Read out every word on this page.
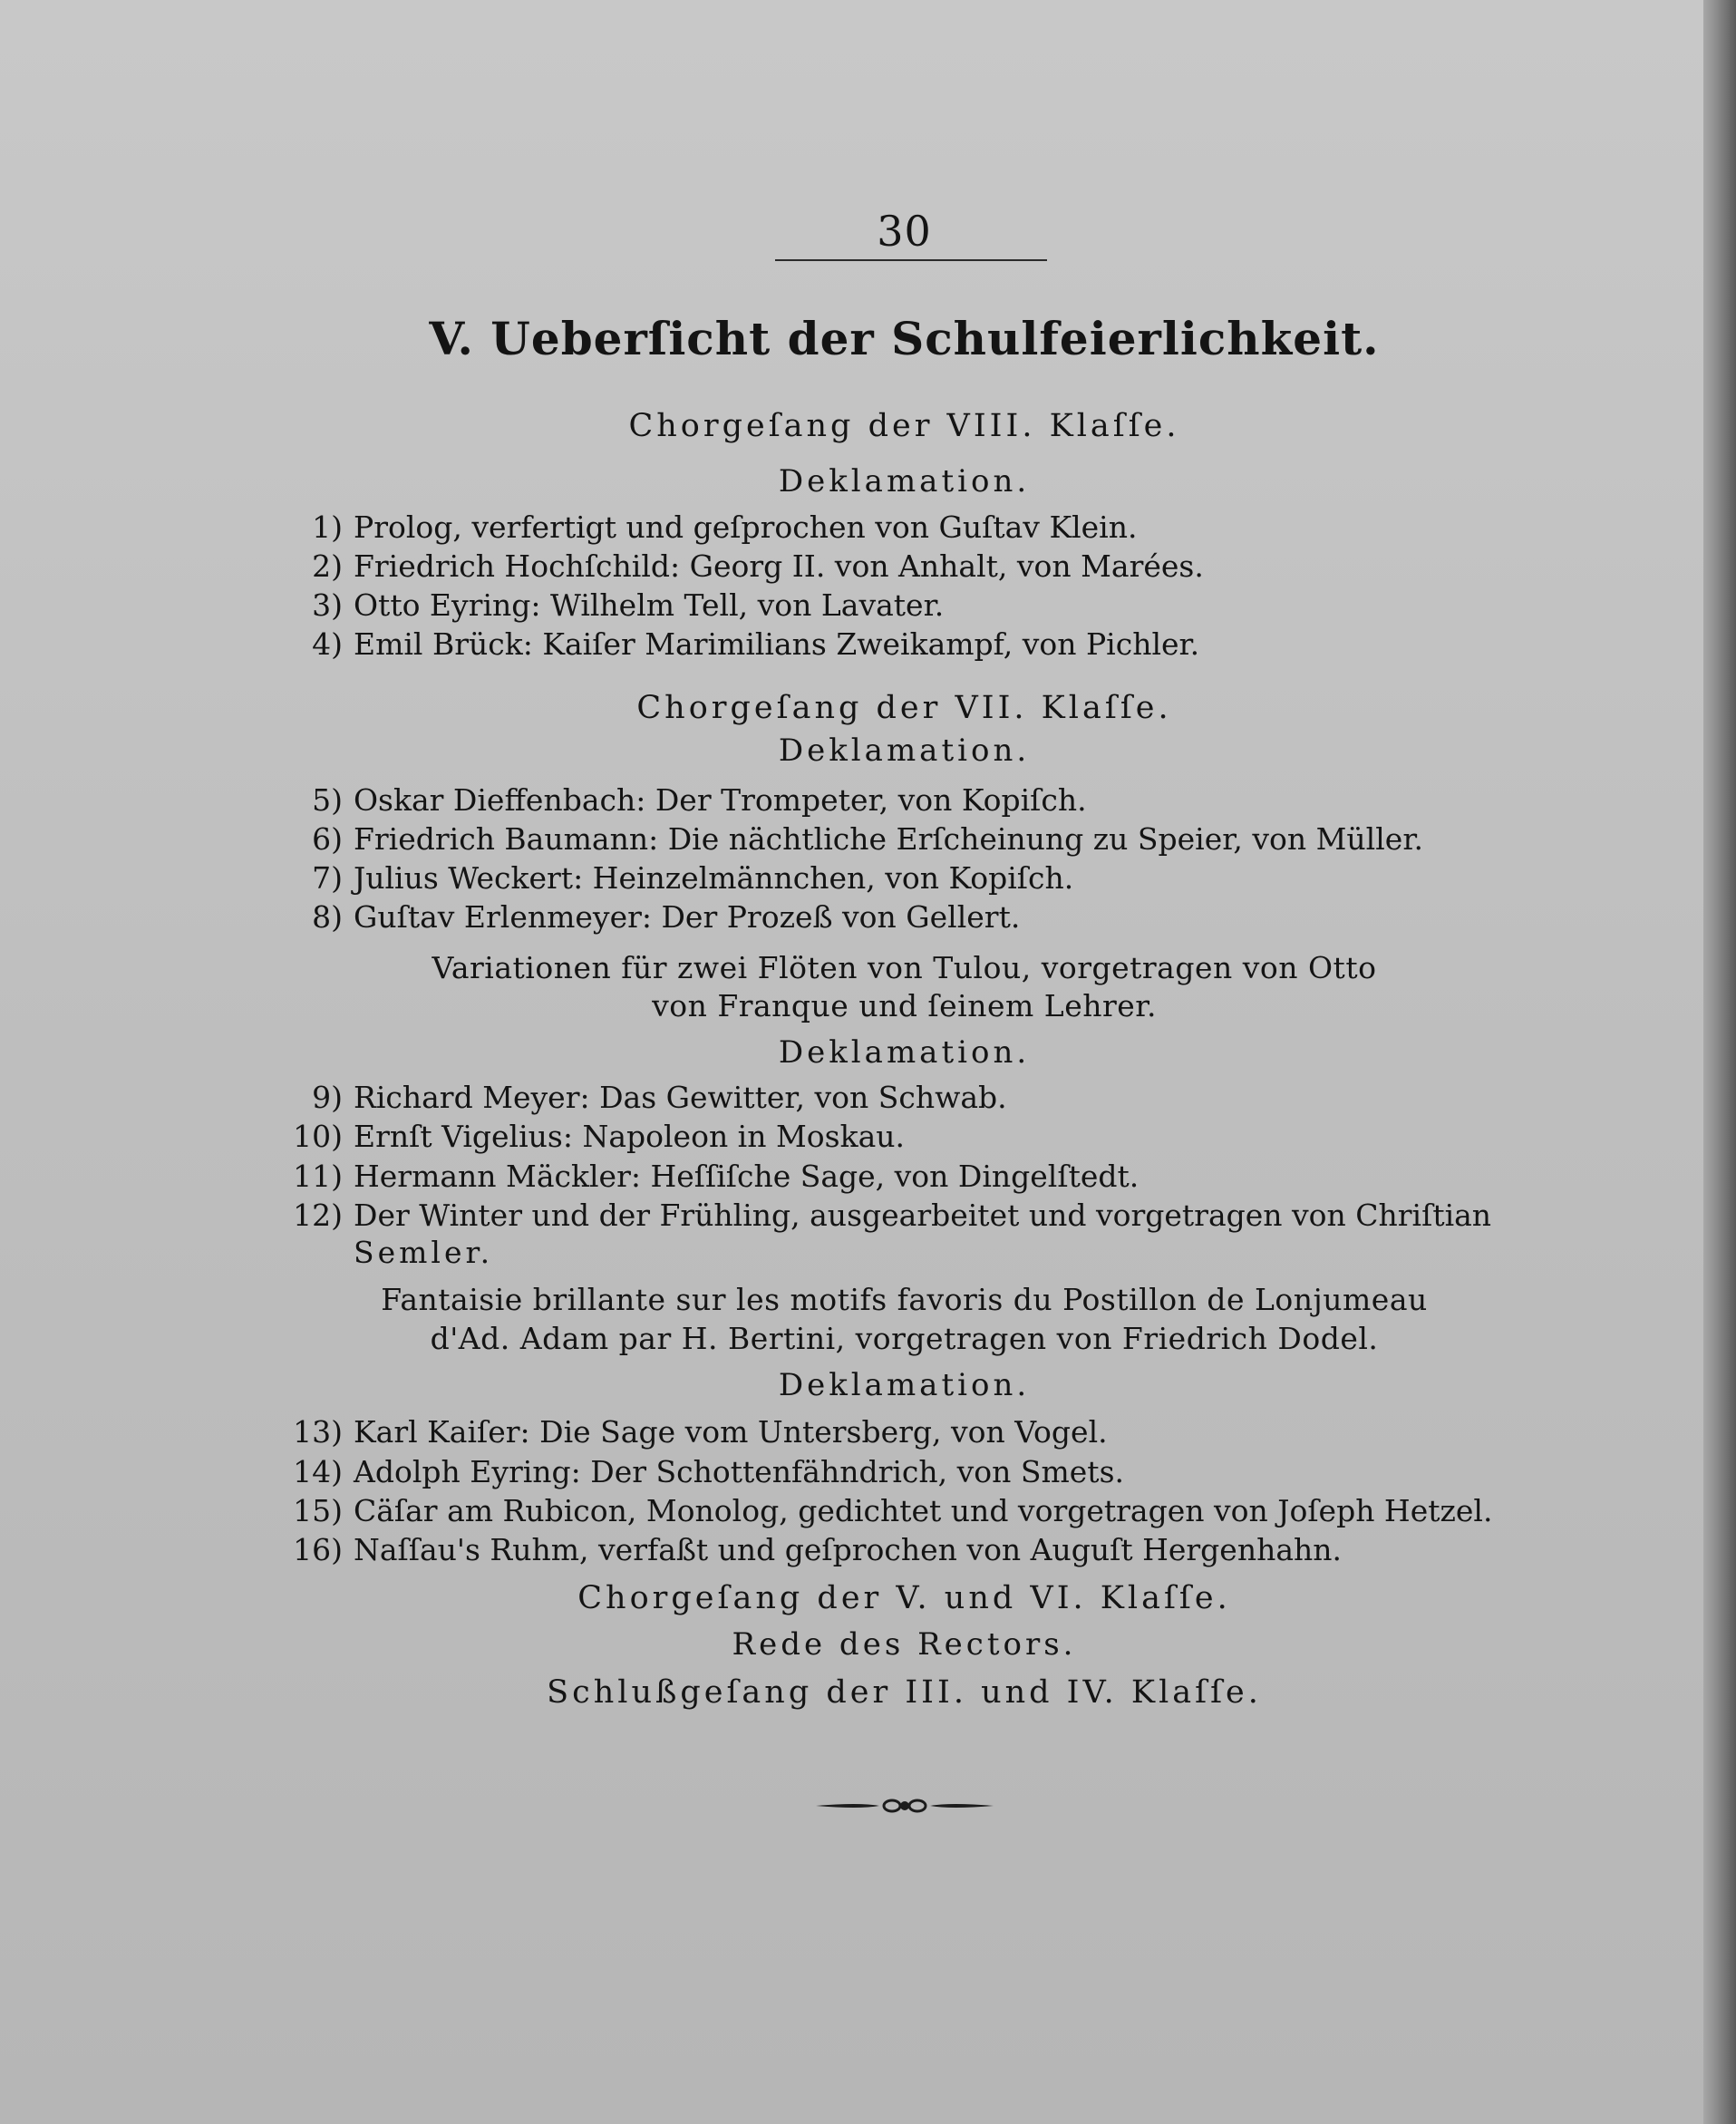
30
V. Ueberſicht der Schulfeierlichkeit.
Chorgeſang der VIII. Klaſſe.
Deklamation.
1) Prolog, verfertigt und geſprochen von Guſtav Klein.
2) Friedrich Hochſchild: Georg II. von Anhalt, von Marées.
3) Otto Eyring: Wilhelm Tell, von Lavater.
4) Emil Brück: Kaiſer Marimilians Zweikampf, von Pichler.
Chorgeſang der VII. Klaſſe.
Deklamation.
5) Oskar Dieffenbach: Der Trompeter, von Kopiſch.
6) Friedrich Baumann: Die nächtliche Erſcheinung zu Speier, von Müller.
7) Julius Weckert: Heinzelmännchen, von Kopiſch.
8) Guſtav Erlenmeyer: Der Prozeß von Gellert.
Variationen für zwei Flöten von Tulou, vorgetragen von Otto
von Franque und ſeinem Lehrer.
Deklamation.
9) Richard Meyer: Das Gewitter, von Schwab.
10) Ernſt Vigelius: Napoleon in Moskau.
11) Hermann Mäckler: Heſſiſche Sage, von Dingelſtedt.
12) Der Winter und der Frühling, ausgearbeitet und vorgetragen von Chriſtian
Semler.
Fantaisie brillante sur les motifs favoris du Postillon de Lonjumeau
d'Ad. Adam par H. Bertini, vorgetragen von Friedrich Dodel.
Deklamation.
13) Karl Kaiſer: Die Sage vom Untersberg, von Vogel.
14) Adolph Eyring: Der Schottenfähndrich, von Smets.
15) Cäſar am Rubicon, Monolog, gedichtet und vorgetragen von Joſeph Hetzel.
16) Naſſau's Ruhm, verfaßt und geſprochen von Auguſt Hergenhahn.
Chorgeſang der V. und VI. Klaſſe.
Rede des Rectors.
Schlußgeſang der III. und IV. Klaſſe.
